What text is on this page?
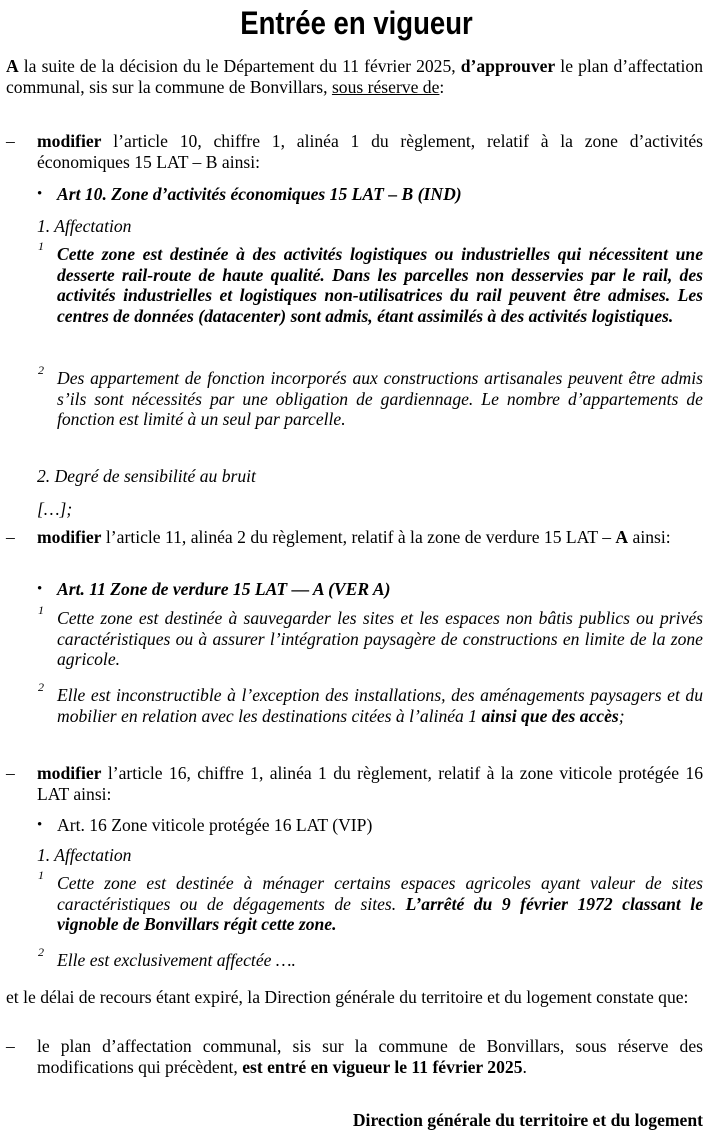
Entrée en vigueur
A la suite de la décision du le Département du 11 février 2025, d’approuver le plan d’affectation communal, sis sur la commune de Bonvillars, sous réserve de:
– modifier l’article 10, chiffre 1, alinéa 1 du règlement, relatif à la zone d’activités économiques 15 LAT – B ainsi:
• Art 10. Zone d’activités économiques 15 LAT – B (IND)
1. Affectation
1 Cette zone est destinée à des activités logistiques ou industrielles qui nécessitent une desserte rail-route de haute qualité. Dans les parcelles non desservies par le rail, des activités industrielles et logistiques non-utilisatrices du rail peuvent être admises. Les centres de données (datacenter) sont admis, étant assimilés à des activités logistiques.
2 Des appartement de fonction incorporés aux constructions artisanales peuvent être admis s’ils sont nécessités par une obligation de gardiennage. Le nombre d’appartements de fonction est limité à un seul par parcelle.
2. Degré de sensibilité au bruit
[…];
– modifier l’article 11, alinéa 2 du règlement, relatif à la zone de verdure 15 LAT – A ainsi:
• Art. 11 Zone de verdure 15 LAT — A (VER A)
1 Cette zone est destinée à sauvegarder les sites et les espaces non bâtis publics ou privés caractéristiques ou à assurer l’intégration paysagère de constructions en limite de la zone agricole.
2 Elle est inconstructible à l’exception des installations, des aménagements paysagers et du mobilier en relation avec les destinations citées à l’alinéa 1 ainsi que des accès;
– modifier l’article 16, chiffre 1, alinéa 1 du règlement, relatif à la zone viticole protégée 16 LAT ainsi:
• Art. 16 Zone viticole protégée 16 LAT (VIP)
1. Affectation
1 Cette zone est destinée à ménager certains espaces agricoles ayant valeur de sites caractéristiques ou de dégagements de sites. L’arrêté du 9 février 1972 classant le vignoble de Bonvillars régit cette zone.
2 Elle est exclusivement affectée ….
et le délai de recours étant expiré, la Direction générale du territoire et du logement constate que:
– le plan d’affectation communal, sis sur la commune de Bonvillars, sous réserve des modifications qui précèdent, est entré en vigueur le 11 février 2025.
Direction générale du territoire et du logement
